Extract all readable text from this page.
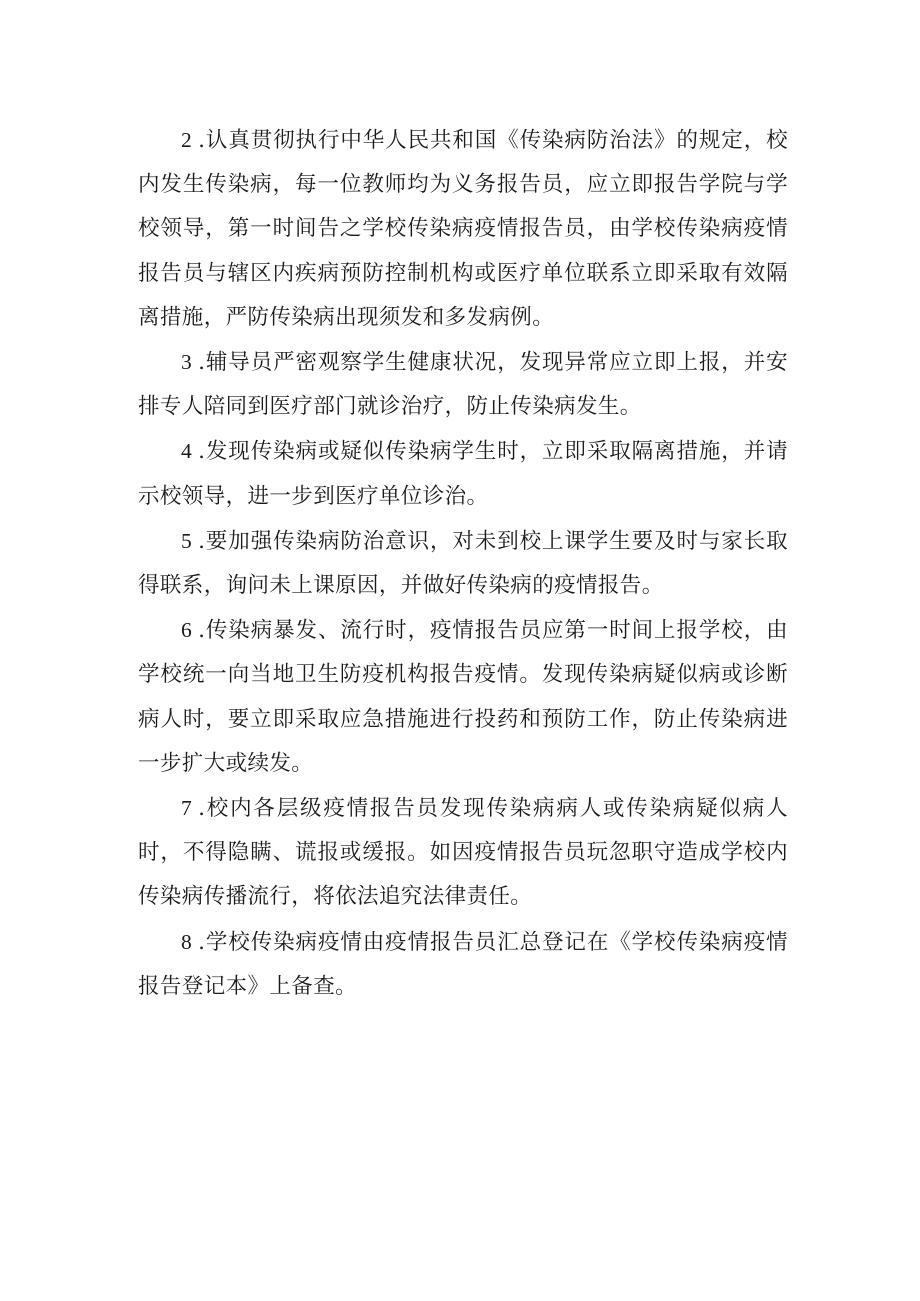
2 .认真贯彻执行中华人民共和国《传染病防治法》的规定，校内发生传染病，每一位教师均为义务报告员，应立即报告学院与学校领导，第一时间告之学校传染病疫情报告员，由学校传染病疫情报告员与辖区内疾病预防控制机构或医疗单位联系立即采取有效隔离措施，严防传染病出现须发和多发病例。

3 .辅导员严密观察学生健康状况，发现异常应立即上报，并安排专人陪同到医疗部门就诊治疗，防止传染病发生。

4 .发现传染病或疑似传染病学生时，立即采取隔离措施，并请示校领导，进一步到医疗单位诊治。

5 .要加强传染病防治意识，对未到校上课学生要及时与家长取得联系，询问未上课原因，并做好传染病的疫情报告。

6 .传染病暴发、流行时，疫情报告员应第一时间上报学校，由学校统一向当地卫生防疫机构报告疫情。发现传染病疑似病或诊断病人时，要立即采取应急措施进行投药和预防工作，防止传染病进一步扩大或续发。

7 .校内各层级疫情报告员发现传染病病人或传染病疑似病人时，不得隐瞒、谎报或缓报。如因疫情报告员玩忽职守造成学校内传染病传播流行，将依法追究法律责任。

8 .学校传染病疫情由疫情报告员汇总登记在《学校传染病疫情报告登记本》上备查。
